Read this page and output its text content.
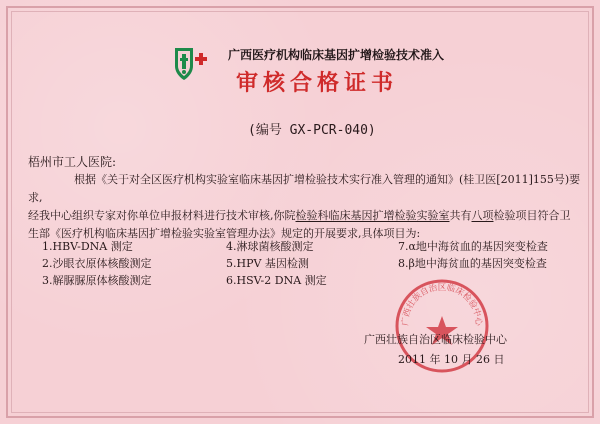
广西医疗机构临床基因扩增检验技术准入
审核合格证书
(编号 GX-PCR-040)
梧州市工人医院:

根据《关于对全区医疗机构实验室临床基因扩增检验技术实行准入管理的通知》(桂卫医[2011]155号)要求,

经我中心组织专家对你单位申报材料进行技术审核,你院检验科临床基因扩增检验实验室共有八项检验项目符合卫

生部《医疗机构临床基因扩增检验实验室管理办法》规定的开展要求,具体项目为:

1.HBV-DNA 测定
2.沙眼衣原体核酸测定
3.解脲脲原体核酸测定
4.淋球菌核酸测定
5.HPV 基因检测
6.HSV-2 DNA 测定
7.α地中海贫血的基因突变检查
8.β地中海贫血的基因突变检查
广西壮族自治区临床检验中心
广西壮族自治区临床检验中心
2011 年 10 月 26 日
